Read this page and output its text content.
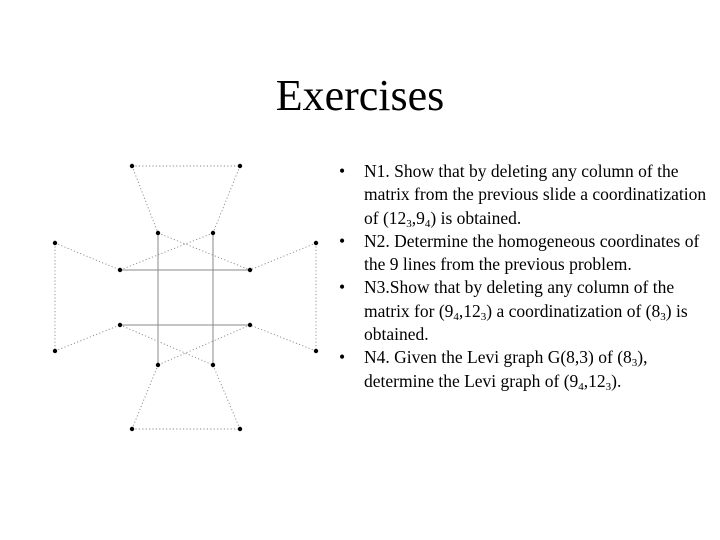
Exercises
• N1. Show that by deleting any column of the matrix from the previous slide a coordinatization of $(12_3,9_4)$ is obtained.
• N2. Determine the homogeneous coordinates of the 9 lines from the previous problem.
• N3.Show that by deleting any column of the matrix for $(9_4,12_3)$ a coordinatization of $(8_3)$ is obtained.
• N4. Given the Levi graph G(8,3) of $(8_3)$, determine the Levi graph of $(9_4,12_3)$.
